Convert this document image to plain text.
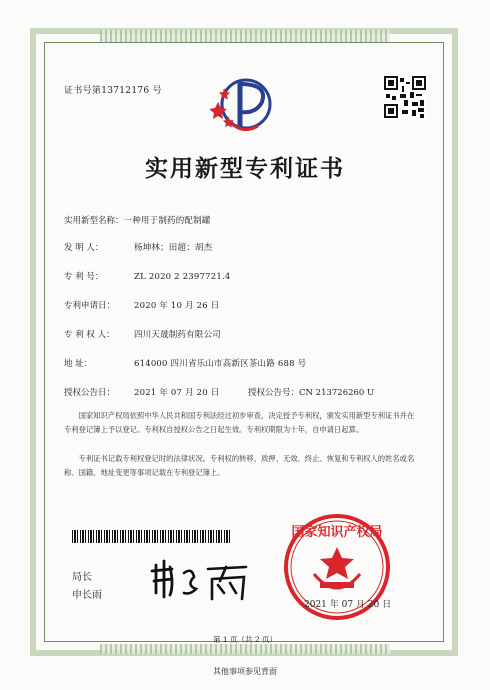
证书号第13712176 号
实用新型专利证书
实用新型名称：一种用于制药的配制罐
发 明 人：	杨坤林；田超；胡杰
专 利 号：	ZL 2020 2 2397721.4
专利申请日： 2020 年 10 月 26 日
专 利 权 人： 四川天晟制药有限公司
地 址：	614000 四川省乐山市高新区茶山路 688 号
授权公告日： 2021 年 07 月 20 日	授权公告号：CN 213726260 U

国家知识产权局依照中华人民共和国专利法经过初步审查，决定授予专利权，颁发实用新型专利证书并在专利登记簿上予以登记。专利权自授权公告之日起生效。专利权期限为十年，自申请日起算。

专利证书记载专利权登记时的法律状况。专利权的转移、质押、无效、终止、恢复和专利权人的姓名或名称、国籍、地址变更等事项记载在专利登记簿上。

局长
申长雨
国家知识产权局
2021 年 07 月 20 日
第 1 页（共 2 页）
其他事项参见背面
